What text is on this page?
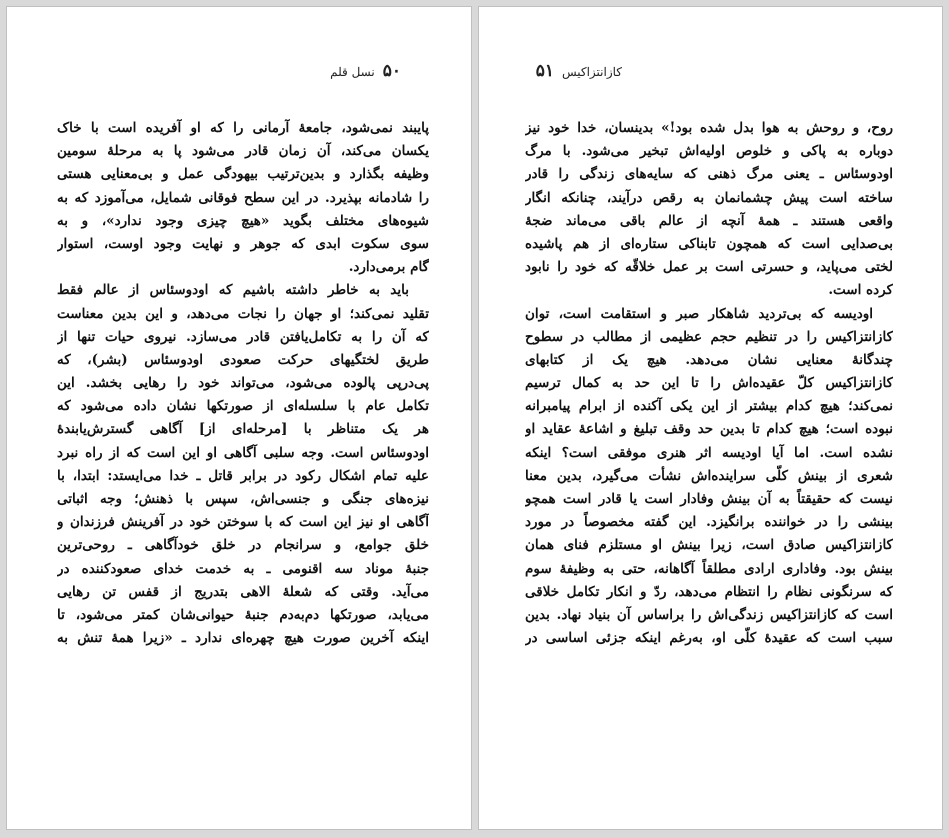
۵۰
نسل قلم
پایبند نمی‌شود، جامعهٔ آرمانی را که او آفریده است با خاک
یکسان می‌کند، آن زمان قادر می‌شود پا به مرحلهٔ سومین
وظیفه بگذارد و بدین‌ترتیب بیهودگی عمل و بی‌معنایی هستی
را شادمانه بپذیرد. در این سطح فوقانی شمایل، می‌آموزد که به
شیوه‌های مختلف بگوید «هیچ چیزی وجود ندارد»، و به
سوی سکوت ابدی که جوهر و نهایت وجود اوست، استوار
گام برمی‌دارد.
باید به خاطر داشته باشیم که اودوسئاس از عالم فقط
تقلید نمی‌کند؛ او جهان را نجات می‌دهد، و این بدین معناست
که آن را به تکامل‌یافتن قادر می‌سازد. نیروی حیات تنها از
طریق لختگیهای حرکت صعودی اودوسئاس (بشر)، که
پی‌درپی پالوده می‌شود، می‌تواند خود را رهایی بخشد. این
تکامل عام با سلسله‌ای از صورتکها نشان داده می‌شود که
هر یک متناظر با [مرحله‌ای از] آگاهی گسترش‌یابندهٔ
اودوسئاس است. وجه سلبی آگاهی او این است که از راه نبرد
علیه تمام اشکال رکود در برابر قاتل ـ خدا می‌ایستد: ابتدا، با
نیزه‌های جنگی و جنسی‌اش، سپس با ذهنش؛ وجه اثباتی
آگاهی او نیز این است که با سوختن خود در آفرینش فرزندان و
خلق جوامع، و سرانجام در خلق خودآگاهی ـ روحی‌ترین
جنبهٔ موناد سه اقنومی ـ به خدمت خدای صعودکننده در
می‌آید. وقتی که شعلهٔ الاهی بتدریج از قفس تن رهایی
می‌یابد، صورتکها دم‌به‌دم جنبهٔ حیوانی‌شان کمتر می‌شود، تا
اینکه آخرین صورت هیچ چهره‌ای ندارد ـ «زیرا همهٔ تنش به
کازانتزاکیس
۵۱
روح، و روحش به هوا بدل شده بود!» بدینسان، خدا خود نیز
دوباره به پاکی و خلوص اولیه‌اش تبخیر می‌شود. با مرگ
اودوسئاس ـ یعنی مرگ ذهنی که سایه‌های زندگی را قادر
ساخته است پیش چشمانمان به رقص درآیند، چنانکه انگار
واقعی هستند ـ همهٔ آنچه از عالم باقی می‌ماند ضجهٔ
بی‌صدایی است که همچون تابناکی ستاره‌ای از هم پاشیده
لختی می‌پاید، و حسرتی است بر عمل خلاقّه که خود را نابود
کرده است.
اودیسه که بی‌تردید شاهکار صبر و استقامت است، توان
کازانتزاکیس را در تنظیم حجم عظیمی از مطالب در سطوح
چندگانهٔ معنایی نشان می‌دهد. هیچ یک از کتابهای
کازانتزاکیس کلّ عقیده‌اش را تا این حد به کمال ترسیم
نمی‌کند؛ هیچ کدام بیشتر از این یکی آکنده از ابرام پیامبرانه
نبوده است؛ هیچ کدام تا بدین حد وقف تبلیغ و اشاعهٔ عقاید او
نشده است. اما آیا اودیسه اثر هنری موفقی است؟ اینکه
شعری از بینش کلّی سراینده‌اش نشأت می‌گیرد، بدین معنا
نیست که حقیقتاً به آن بینش وفادار است یا قادر است همچو
بینشی را در خواننده برانگیزد. این گفته مخصوصاً در مورد
کازانتزاکیس صادق است، زیرا بینش او مستلزم فنای همان
بینش بود. وفاداری ارادی مطلقاً آگاهانه، حتی به وظیفهٔ سوم
که سرنگونی نظام را انتظام می‌دهد، ردّ و انکار تکامل خلاقی
است که کازانتزاکیس زندگی‌اش را براساس آن بنیاد نهاد. بدین
سبب است که عقیدهٔ کلّی او، به‌رغم اینکه جزئی اساسی در
